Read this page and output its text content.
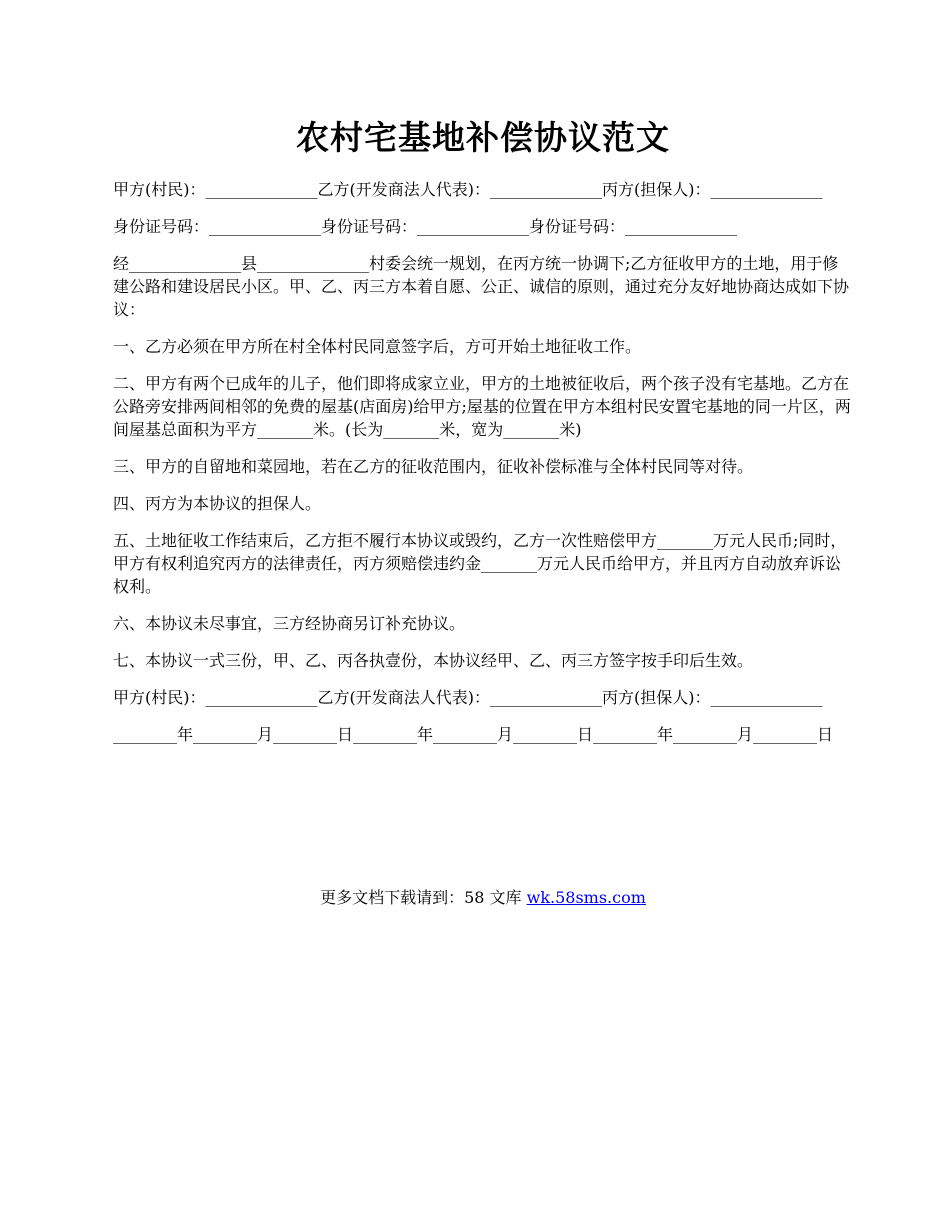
农村宅基地补偿协议范文

甲方(村民)：______________乙方(开发商法人代表)：______________丙方(担保人)：______________

身份证号码：______________身份证号码：______________身份证号码：______________

经______________县______________村委会统一规划，在丙方统一协调下;乙方征收甲方的土地，用于修建公路和建设居民小区。甲、乙、丙三方本着自愿、公正、诚信的原则，通过充分友好地协商达成如下协议：

一、乙方必须在甲方所在村全体村民同意签字后，方可开始土地征收工作。

二、甲方有两个已成年的儿子，他们即将成家立业，甲方的土地被征收后，两个孩子没有宅基地。乙方在公路旁安排两间相邻的免费的屋基(店面房)给甲方;屋基的位置在甲方本组村民安置宅基地的同一片区，两间屋基总面积为平方_______米。(长为_______米，宽为_______米)

三、甲方的自留地和菜园地，若在乙方的征收范围内，征收补偿标准与全体村民同等对待。

四、丙方为本协议的担保人。

五、土地征收工作结束后，乙方拒不履行本协议或毁约，乙方一次性赔偿甲方_______万元人民币;同时，甲方有权利追究丙方的法律责任，丙方须赔偿违约金_______万元人民币给甲方，并且丙方自动放弃诉讼权利。

六、本协议未尽事宜，三方经协商另订补充协议。

七、本协议一式三份，甲、乙、丙各执壹份，本协议经甲、乙、丙三方签字按手印后生效。

甲方(村民)：______________乙方(开发商法人代表)：______________丙方(担保人)：______________

________年________月________日________年________月________日________年________月________日

更多文档下载请到：58 文库 wk.58sms.com
